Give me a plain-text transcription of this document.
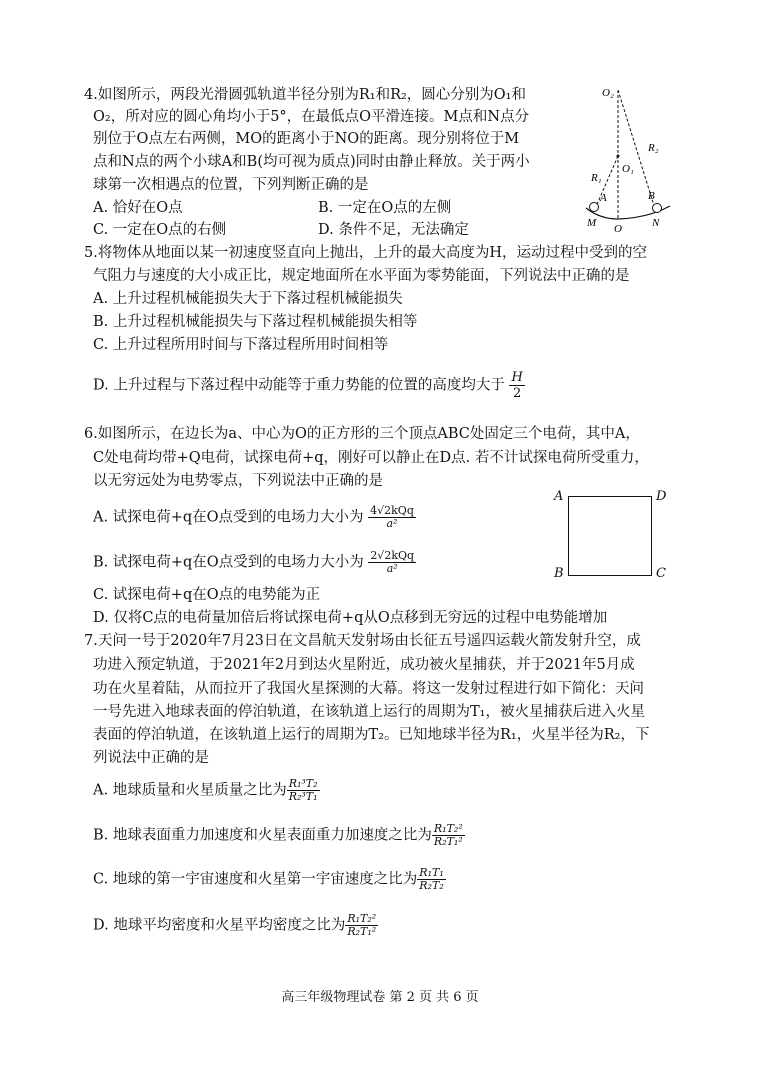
4.如图所示，两段光滑圆弧轨道半径分别为R₁和R₂，圆心分别为O₁和
O₂，所对应的圆心角均小于5°，在最低点O平滑连接。M点和N点分
别位于O点左右两侧，MO的距离小于NO的距离。现分别将位于M
点和N点的两个小球A和B(均可视为质点)同时由静止释放。关于两小
球第一次相遇点的位置，下列判断正确的是
A. 恰好在O点	B. 一定在O点的左侧
C. 一定在O点的右侧	D. 条件不足，无法确定
O₂
O₁
R₁
R₂
A	B
M O	N
5.将物体从地面以某一初速度竖直向上抛出，上升的最大高度为H，运动过程中受到的空
气阻力与速度的大小成正比，规定地面所在水平面为零势能面，下列说法中正确的是
A. 上升过程机械能损失大于下落过程机械能损失
B. 上升过程机械能损失与下落过程机械能损失相等
C. 上升过程所用时间与下落过程所用时间相等
D. 上升过程与下落过程中动能等于重力势能的位置的高度均大于 $\frac{H}{2}$
6.如图所示，在边长为a、中心为O的正方形的三个顶点ABC处固定三个电荷，其中A，
C处电荷均带+Q电荷，试探电荷+q，刚好可以静止在D点. 若不计试探电荷所受重力，
以无穷远处为电势零点，下列说法中正确的是
A. 试探电荷+q在O点受到的电场力大小为 $\frac{\text{4√2kQq}}{\text{a²}}$
B. 试探电荷+q在O点受到的电场力大小为 $\frac{\text{2√2kQq}}{\text{a²}}$
C. 试探电荷+q在O点的电势能为正
D. 仅将C点的电荷量加倍后将试探电荷+q从O点移到无穷远的过程中电势能增加
A	D
B	C
7.天问一号于2020年7月23日在文昌航天发射场由长征五号遥四运载火箭发射升空，成
功进入预定轨道，于2021年2月到达火星附近，成功被火星捕获，并于2021年5月成
功在火星着陆，从而拉开了我国火星探测的大幕。将这一发射过程进行如下简化：天问
一号先进入地球表面的停泊轨道，在该轨道上运行的周期为T₁，被火星捕获后进入火星
表面的停泊轨道，在该轨道上运行的周期为T₂。已知地球半径为R₁，火星半径为R₂，下
列说法中正确的是
A. 地球质量和火星质量之比为 $\frac{\text{R₁³T₂}}{\text{R₂³T₁}}$
B. 地球表面重力加速度和火星表面重力加速度之比为 $\frac{\text{R₁T₂²}}{\text{R₂T₁²}}$
C. 地球的第一宇宙速度和火星第一宇宙速度之比为 $\frac{\text{R₁T₁}}{\text{R₂T₂}}$
D. 地球平均密度和火星平均密度之比为 $\frac{\text{R₁T₂²}}{\text{R₂T₁²}}$
高三年级物理试卷 第 2 页 共 6 页
